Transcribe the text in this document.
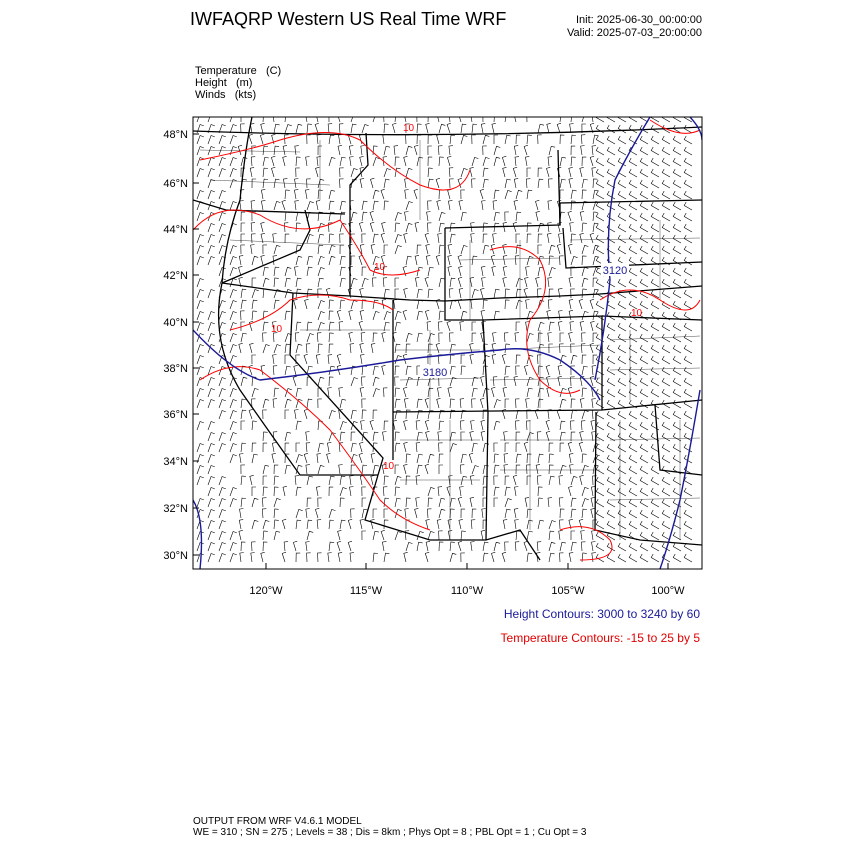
IWFAQRP Western US Real Time WRF	Init: 2025-06-30_00:00:00
Valid: 2025-07-03_20:00:00
Temperature (C)
Height (m)
Winds (kts)
48°N
46°N
44°N
42°N
40°N
38°N
36°N
34°N
32°N
30°N
120°W	115°W	110°W	105°W	100°W
3120
3180
10
10
10
10
10
Height Contours: 3000 to 3240 by 60
Temperature Contours: -15 to 25 by 5
OUTPUT FROM WRF V4.6.1 MODEL
WE = 310 ; SN = 275 ; Levels = 38 ; Dis = 8km ; Phys Opt = 8 ; PBL Opt = 1 ; Cu Opt = 3
